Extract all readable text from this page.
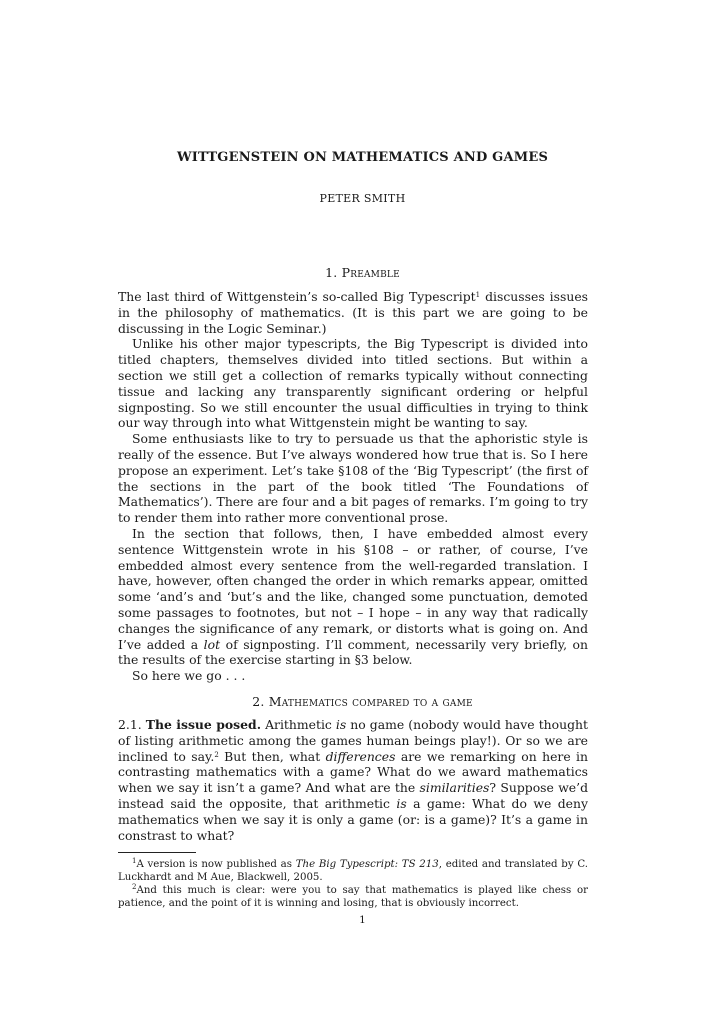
WITTGENSTEIN ON MATHEMATICS AND GAMES
PETER SMITH
1. Preamble

The last third of Wittgenstein’s so-called Big Typescript$^1$ discusses issues in the philosophy of mathematics. (It is this part we are going to be discussing in the Logic Seminar.)

Unlike his other major typescripts, the Big Typescript is divided into titled chapters, themselves divided into titled sections. But within a section we still get a collection of remarks typically without connecting tissue and lacking any transparently significant ordering or helpful signposting. So we still encounter the usual difficulties in trying to think our way through into what Wittgenstein might be wanting to say.

Some enthusiasts like to try to persuade us that the aphoristic style is really of the essence. But I’ve always wondered how true that is. So I here propose an experiment. Let’s take §108 of the ‘Big Typescript’ (the first of the sections in the part of the book titled ‘The Foundations of Mathematics’). There are four and a bit pages of remarks. I’m going to try to render them into rather more conventional prose.

In the section that follows, then, I have embedded almost every sentence Wittgenstein wrote in his §108 – or rather, of course, I’ve embedded almost every sentence from the well-regarded translation. I have, however, often changed the order in which remarks appear, omitted some ‘and’s and ‘but’s and the like, changed some punctuation, demoted some passages to footnotes, but not – I hope – in any way that radically changes the significance of any remark, or distorts what is going on. And I’ve added a lot of signposting. I’ll comment, necessarily very briefly, on the results of the exercise starting in §3 below.

So here we go . . .

2. Mathematics compared to a game

2.1. The issue posed. Arithmetic is no game (nobody would have thought of listing arithmetic among the games human beings play!). Or so we are inclined to say.$^2$ But then, what differences are we remarking on here in contrasting mathematics with a game? What do we award mathematics when we say it isn’t a game? And what are the similarities? Suppose we’d instead said the opposite, that arithmetic is a game: What do we deny mathematics when we say it is only a game (or: is a game)? It’s a game in constrast to what?

$^1$A version is now published as The Big Typescript: TS 213, edited and translated by C. Luckhardt and M Aue, Blackwell, 2005.

$^2$And this much is clear: were you to say that mathematics is played like chess or patience, and the point of it is winning and losing, that is obviously incorrect.

1
